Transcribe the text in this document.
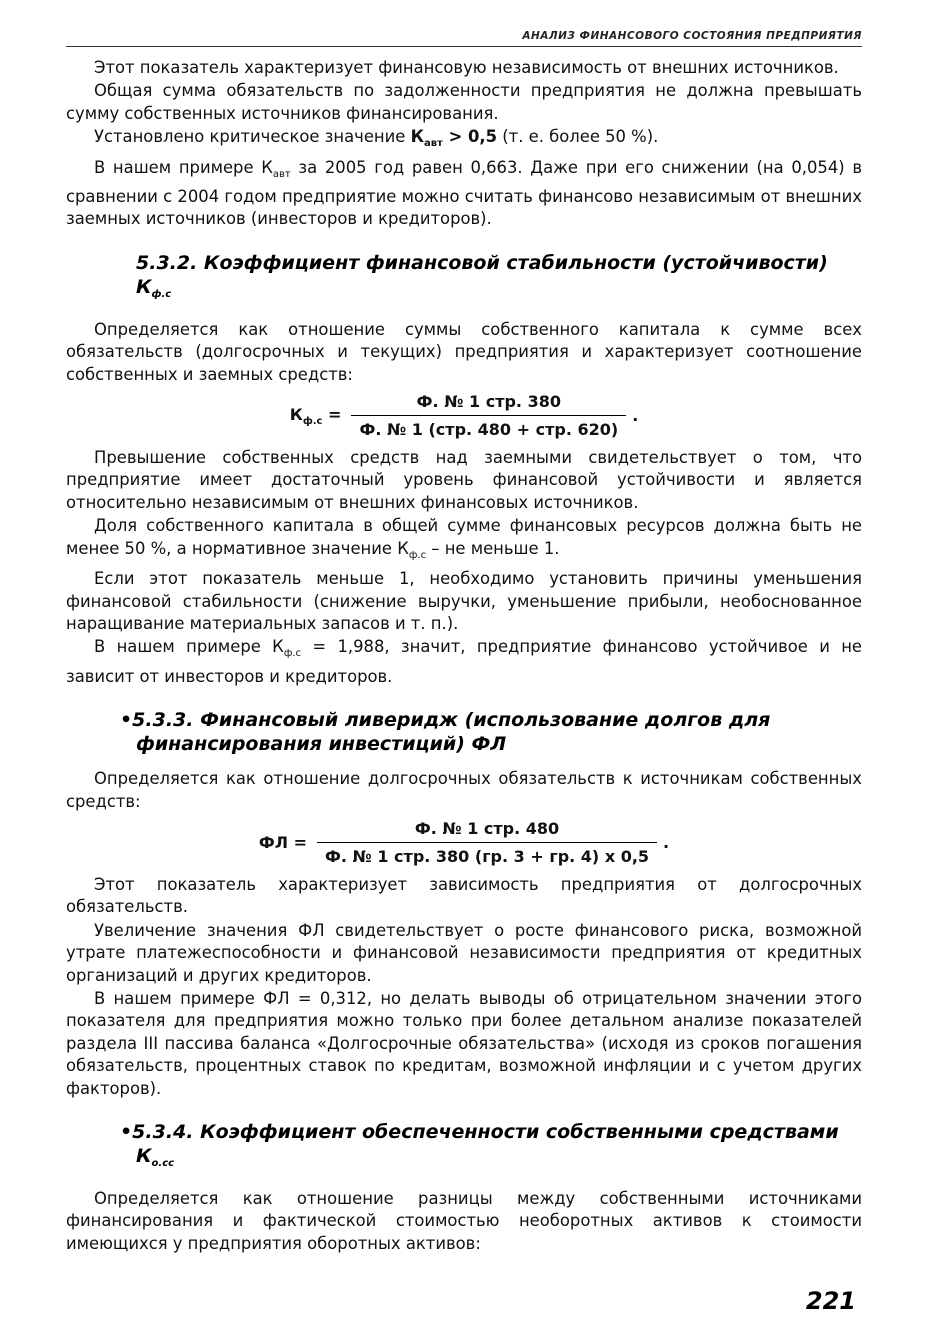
АНАЛИЗ ФИНАНСОВОГО СОСТОЯНИЯ ПРЕДПРИЯТИЯ

Этот показатель характеризует финансовую независимость от внешних источников.

Общая сумма обязательств по задолженности предприятия не должна превышать сумму собственных источников финансирования.

Установлено критическое значение $К_{авт} > 0,5$ (т. е. более 50 %).

В нашем примере $К_{авт}$ за 2005 год равен 0,663. Даже при его снижении (на 0,054) в сравнении с 2004 годом предприятие можно считать финансово независимым от внешних заемных источников (инвесторов и кредиторов).

5.3.2. Коэффициент финансовой стабильности (устойчивости) $К_{ф.с}$

Определяется как отношение суммы собственного капитала к сумме всех обязательств (долгосрочных и текущих) предприятия и характеризует соотношение собственных и заемных средств:

$К_{ф.с} = \frac{\text{Ф. № 1 стр. 380}}{\text{Ф. № 1 (стр. 480 + стр. 620)}}$ .

Превышение собственных средств над заемными свидетельствует о том, что предприятие имеет достаточный уровень финансовой устойчивости и является относительно независимым от внешних финансовых источников.

Доля собственного капитала в общей сумме финансовых ресурсов должна быть не менее 50 %, а нормативное значение $К_{ф.с}$ – не меньше 1.

Если этот показатель меньше 1, необходимо установить причины уменьшения финансовой стабильности (снижение выручки, уменьшение прибыли, необоснованное наращивание материальных запасов и т. п.).

В нашем примере $К_{ф.с} = 1,988$, значит, предприятие финансово устойчивое и не зависит от инвесторов и кредиторов.

•5.3.3. Финансовый ливеридж (использование долгов для финансирования инвестиций) ФЛ

Определяется как отношение долгосрочных обязательств к источникам собственных средств:

ФЛ = $\frac{\text{Ф. № 1 стр. 480}}{\text{Ф. № 1 стр. 380 (гр. 3 + гр. 4) х 0,5}}$ .

Этот показатель характеризует зависимость предприятия от долгосрочных обязательств.

Увеличение значения ФЛ свидетельствует о росте финансового риска, возможной утрате платежеспособности и финансовой независимости предприятия от кредитных организаций и других кредиторов.

В нашем примере ФЛ = 0,312, но делать выводы об отрицательном значении этого показателя для предприятия можно только при более детальном анализе показателей раздела III пассива баланса «Долгосрочные обязательства» (исходя из сроков погашения обязательств, процентных ставок по кредитам, возможной инфляции и с учетом других факторов).

•5.3.4. Коэффициент обеспеченности собственными средствами $К_{о.сс}$

Определяется как отношение разницы между собственными источниками финансирования и фактической стоимостью необоротных активов к стоимости имеющихся у предприятия оборотных активов:

221
